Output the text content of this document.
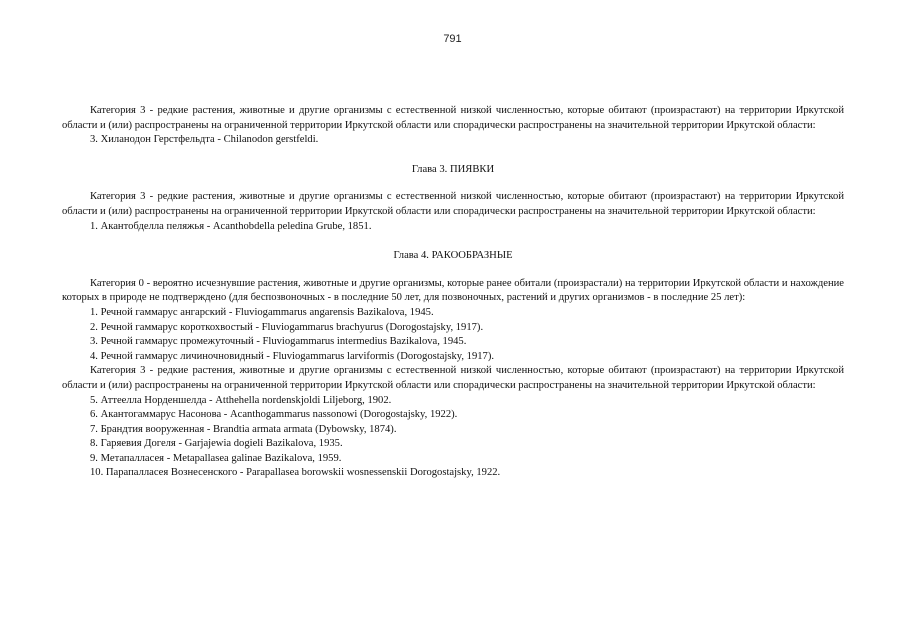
791

Категория 3 - редкие растения, животные и другие организмы с естественной низкой численностью, которые обитают (произрастают) на территории Иркутской области и (или) распространены на ограниченной территории Иркутской области или спорадически распространены на значительной территории Иркутской области:

3. Хиланодон Герстфельдта - Chilanodon gerstfeldi.

Глава 3. ПИЯВКИ

Категория 3 - редкие растения, животные и другие организмы с естественной низкой численностью, которые обитают (произрастают) на территории Иркутской области и (или) распространены на ограниченной территории Иркутской области или спорадически распространены на значительной территории Иркутской области:

1. Акантобделла пеляжья - Acanthobdella peledina Grube, 1851.

Глава 4. РАКООБРАЗНЫЕ

Категория 0 - вероятно исчезнувшие растения, животные и другие организмы, которые ранее обитали (произрастали) на территории Иркутской области и нахождение которых в природе не подтверждено (для беспозвоночных - в последние 50 лет, для позвоночных, растений и других организмов - в последние 25 лет):

1. Речной гаммарус ангарский - Fluviogammarus angarensis Bazikalova, 1945.

2. Речной гаммарус короткохвостый - Fluviogammarus brachyurus (Dorogostajsky, 1917).

3. Речной гаммарус промежуточный - Fluviogammarus intermedius Bazikalova, 1945.

4. Речной гаммарус личиночновидный - Fluviogammarus larviformis (Dorogostajsky, 1917).

Категория 3 - редкие растения, животные и другие организмы с естественной низкой численностью, которые обитают (произрастают) на территории Иркутской области и (или) распространены на ограниченной территории Иркутской области или спорадически распространены на значительной территории Иркутской области:

5. Аттеелла Норденшелда - Atthehella nordenskjoldi Liljeborg, 1902.

6. Акантогаммарус Насонова - Acanthogammarus nassonowi (Dorogostajsky, 1922).

7. Брандтия вооруженная - Brandtia armata armata (Dybowsky, 1874).

8. Гаряевия Догеля - Garjajewia dogieli Bazikalova, 1935.

9. Метапалласея - Metapallasea galinae Bazikalova, 1959.

10. Парапалласея Вознесенского - Parapallasea borowskii wosnessenskii Dorogostajsky, 1922.
